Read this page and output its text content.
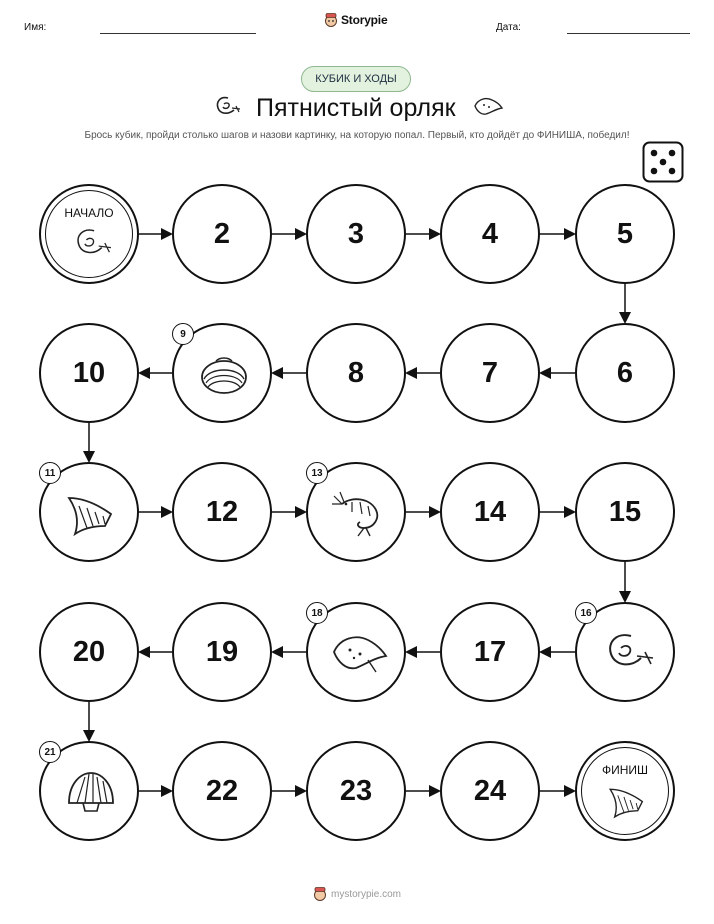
Имя:
Storypie
Дата:
КУБИК И ХОДЫ
Пятнистый орляк
Брось кубик, пройди столько шагов и назови картинку, на которую попал. Первый, кто дойдёт до ФИНИША, победил!
НАЧАЛО
2	3	4	5
6
7
8
9
10
11
12
13
14	15
16
17
18
19
20
21
22	23	24
ФИНИШ
mystorypie.com
